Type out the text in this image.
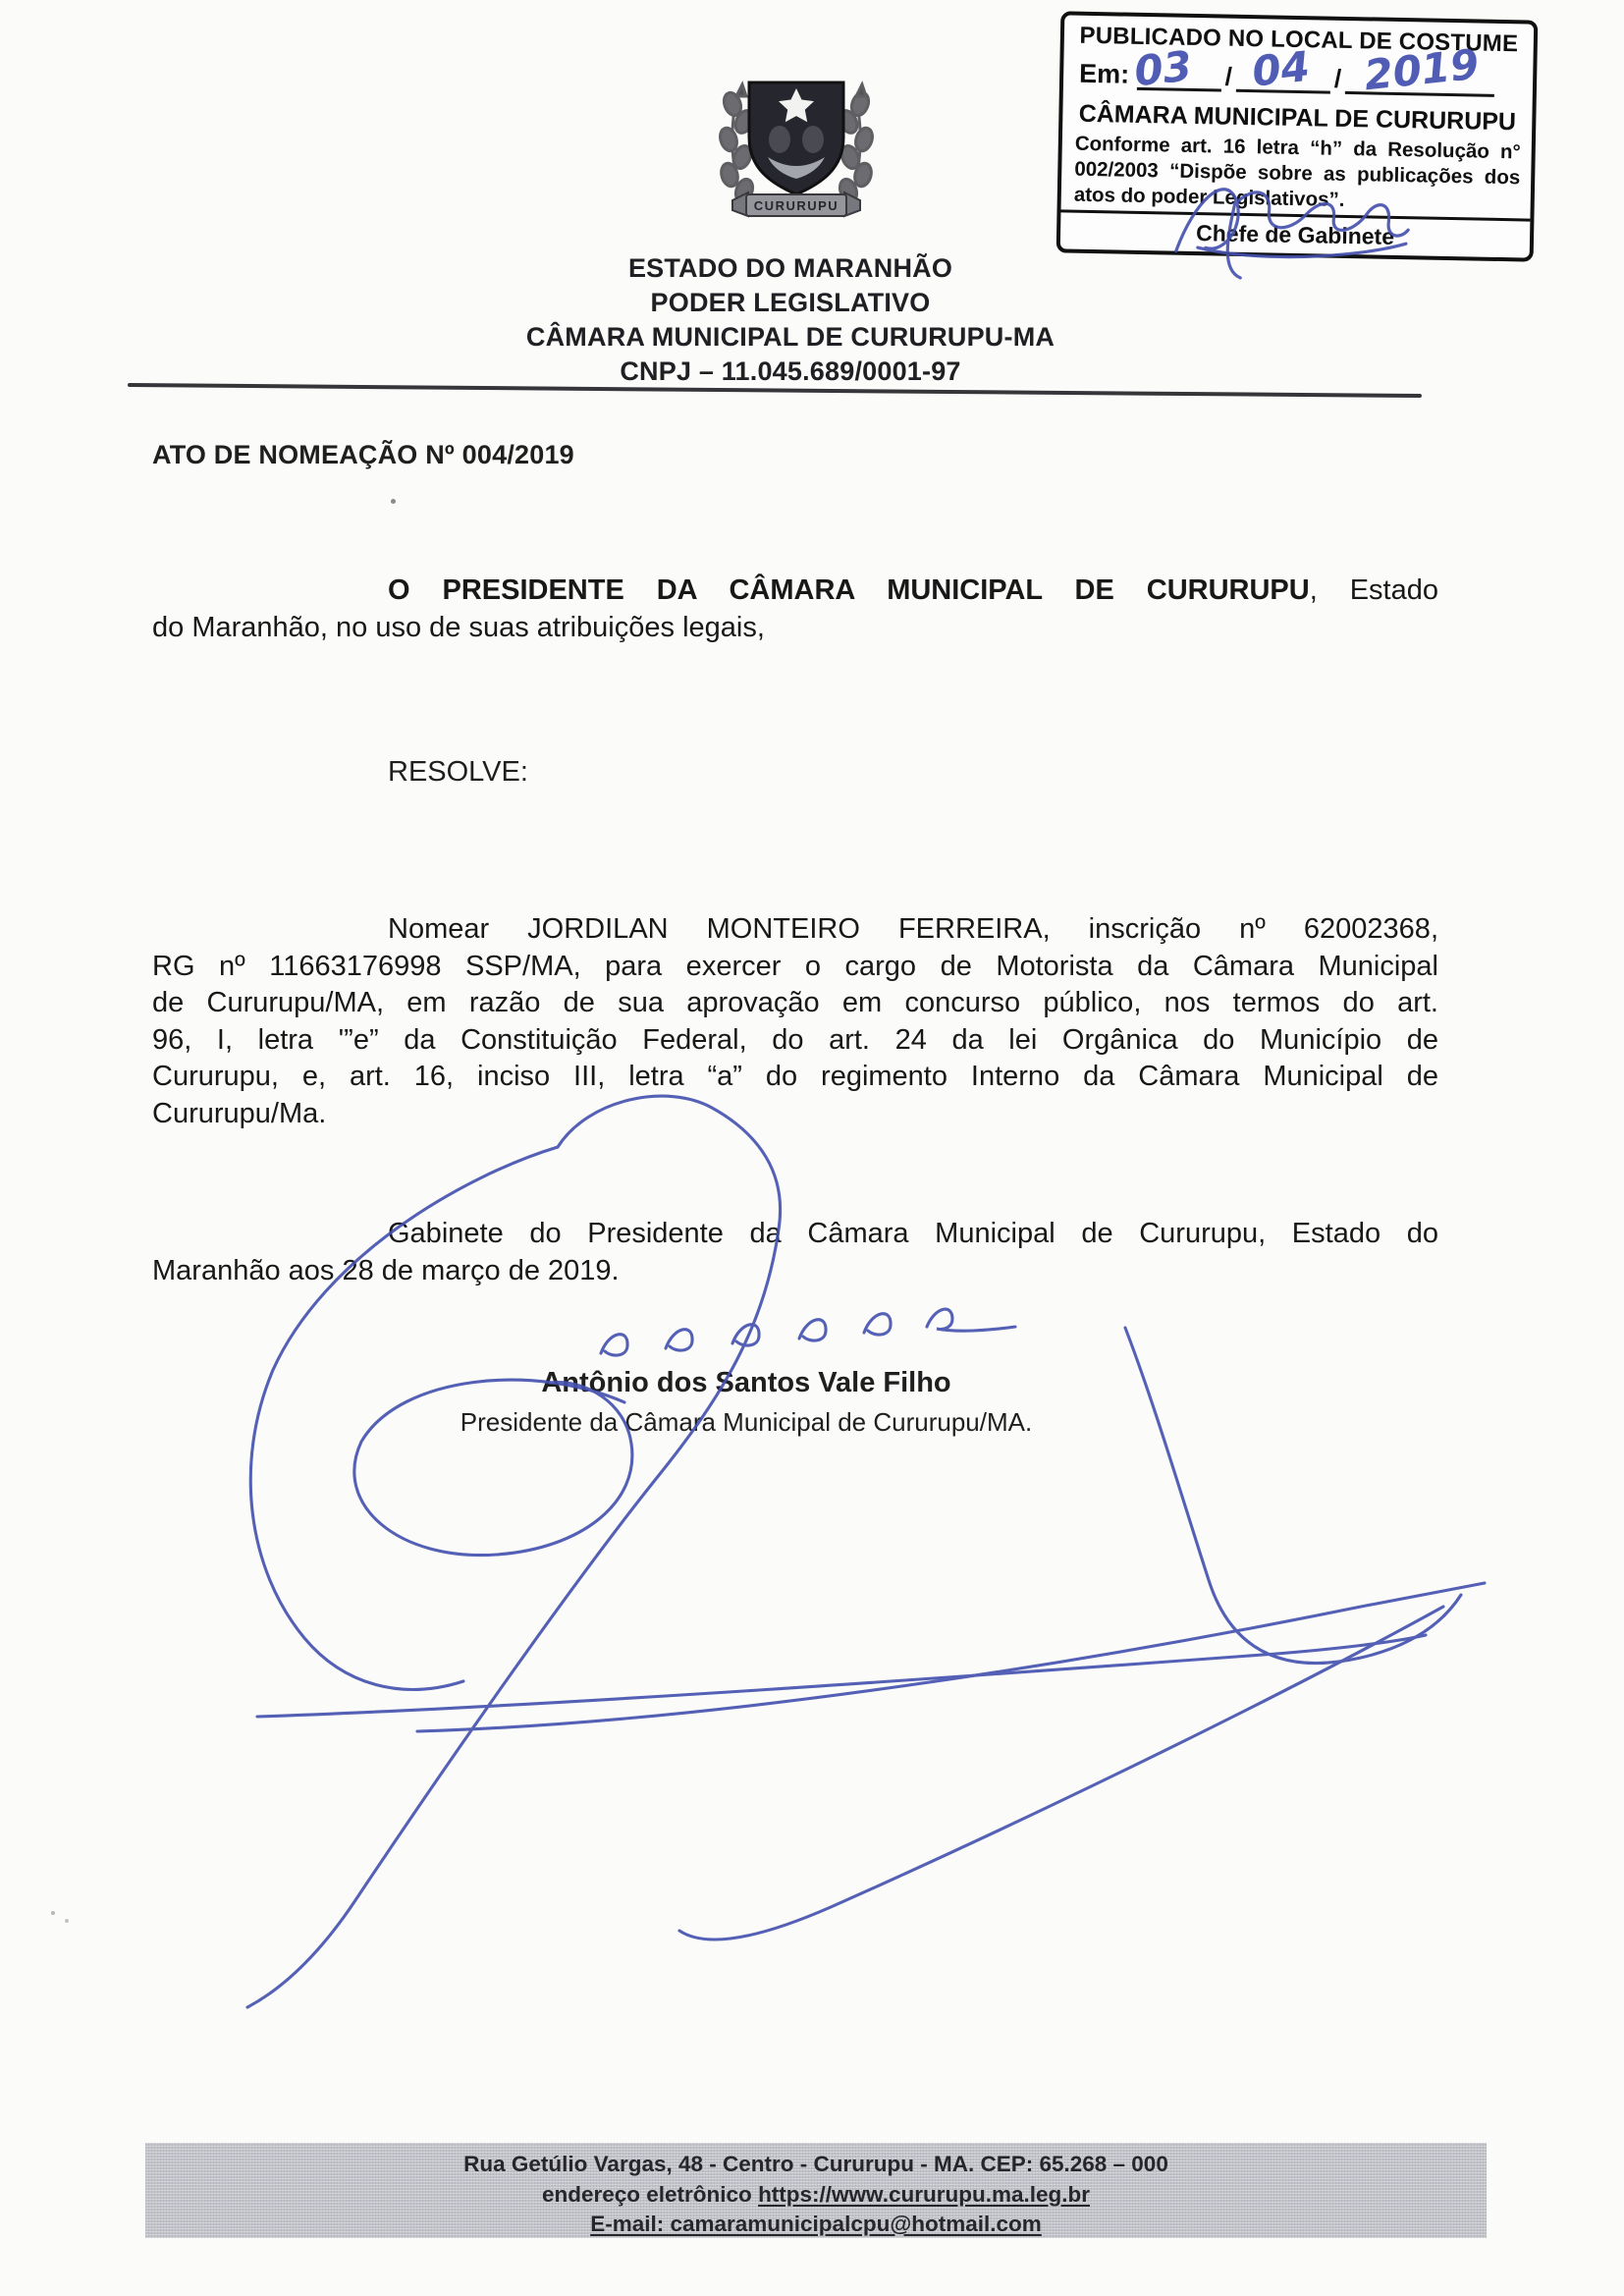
CURURUPU
ESTADO DO MARANHÃO
PODER LEGISLATIVO
CÂMARA MUNICIPAL DE CURURUPU-MA
CNPJ – 11.045.689/0001-97
PUBLICADO NO LOCAL DE COSTUME
Em:	/	/
03 04 2019
CÂMARA MUNICIPAL DE CURURUPU
Conforme art. 16 letra “h” da Resolução n° 002/2003 “Dispõe sobre as publicações dos atos do poder Legislativos”.
Chefe de Gabinete
ATO DE NOMEAÇÃO Nº 004/2019
O PRESIDENTE DA CÂMARA MUNICIPAL DE CURURUPU, Estado
do Maranhão, no uso de suas atribuições legais,
RESOLVE:
Nomear JORDILAN MONTEIRO FERREIRA, inscrição nº 62002368,
RG nº 11663176998 SSP/MA, para exercer o cargo de Motorista da Câmara Municipal
de Cururupu/MA, em razão de sua aprovação em concurso público, nos termos do art.
96, I, letra '”e” da Constituição Federal, do art. 24 da lei Orgânica do Município de
Cururupu, e, art. 16, inciso III, letra “a” do regimento Interno da Câmara Municipal de
Cururupu/Ma.
Gabinete do Presidente da Câmara Municipal de Cururupu, Estado do
Maranhão aos 28 de março de 2019.
Antônio dos Santos Vale Filho
Presidente da Câmara Municipal de Cururupu/MA.
Rua Getúlio Vargas, 48 - Centro - Cururupu - MA. CEP: 65.268 – 000
endereço eletrônico https://www.cururupu.ma.leg.br
E-mail: camaramunicipalcpu@hotmail.com
